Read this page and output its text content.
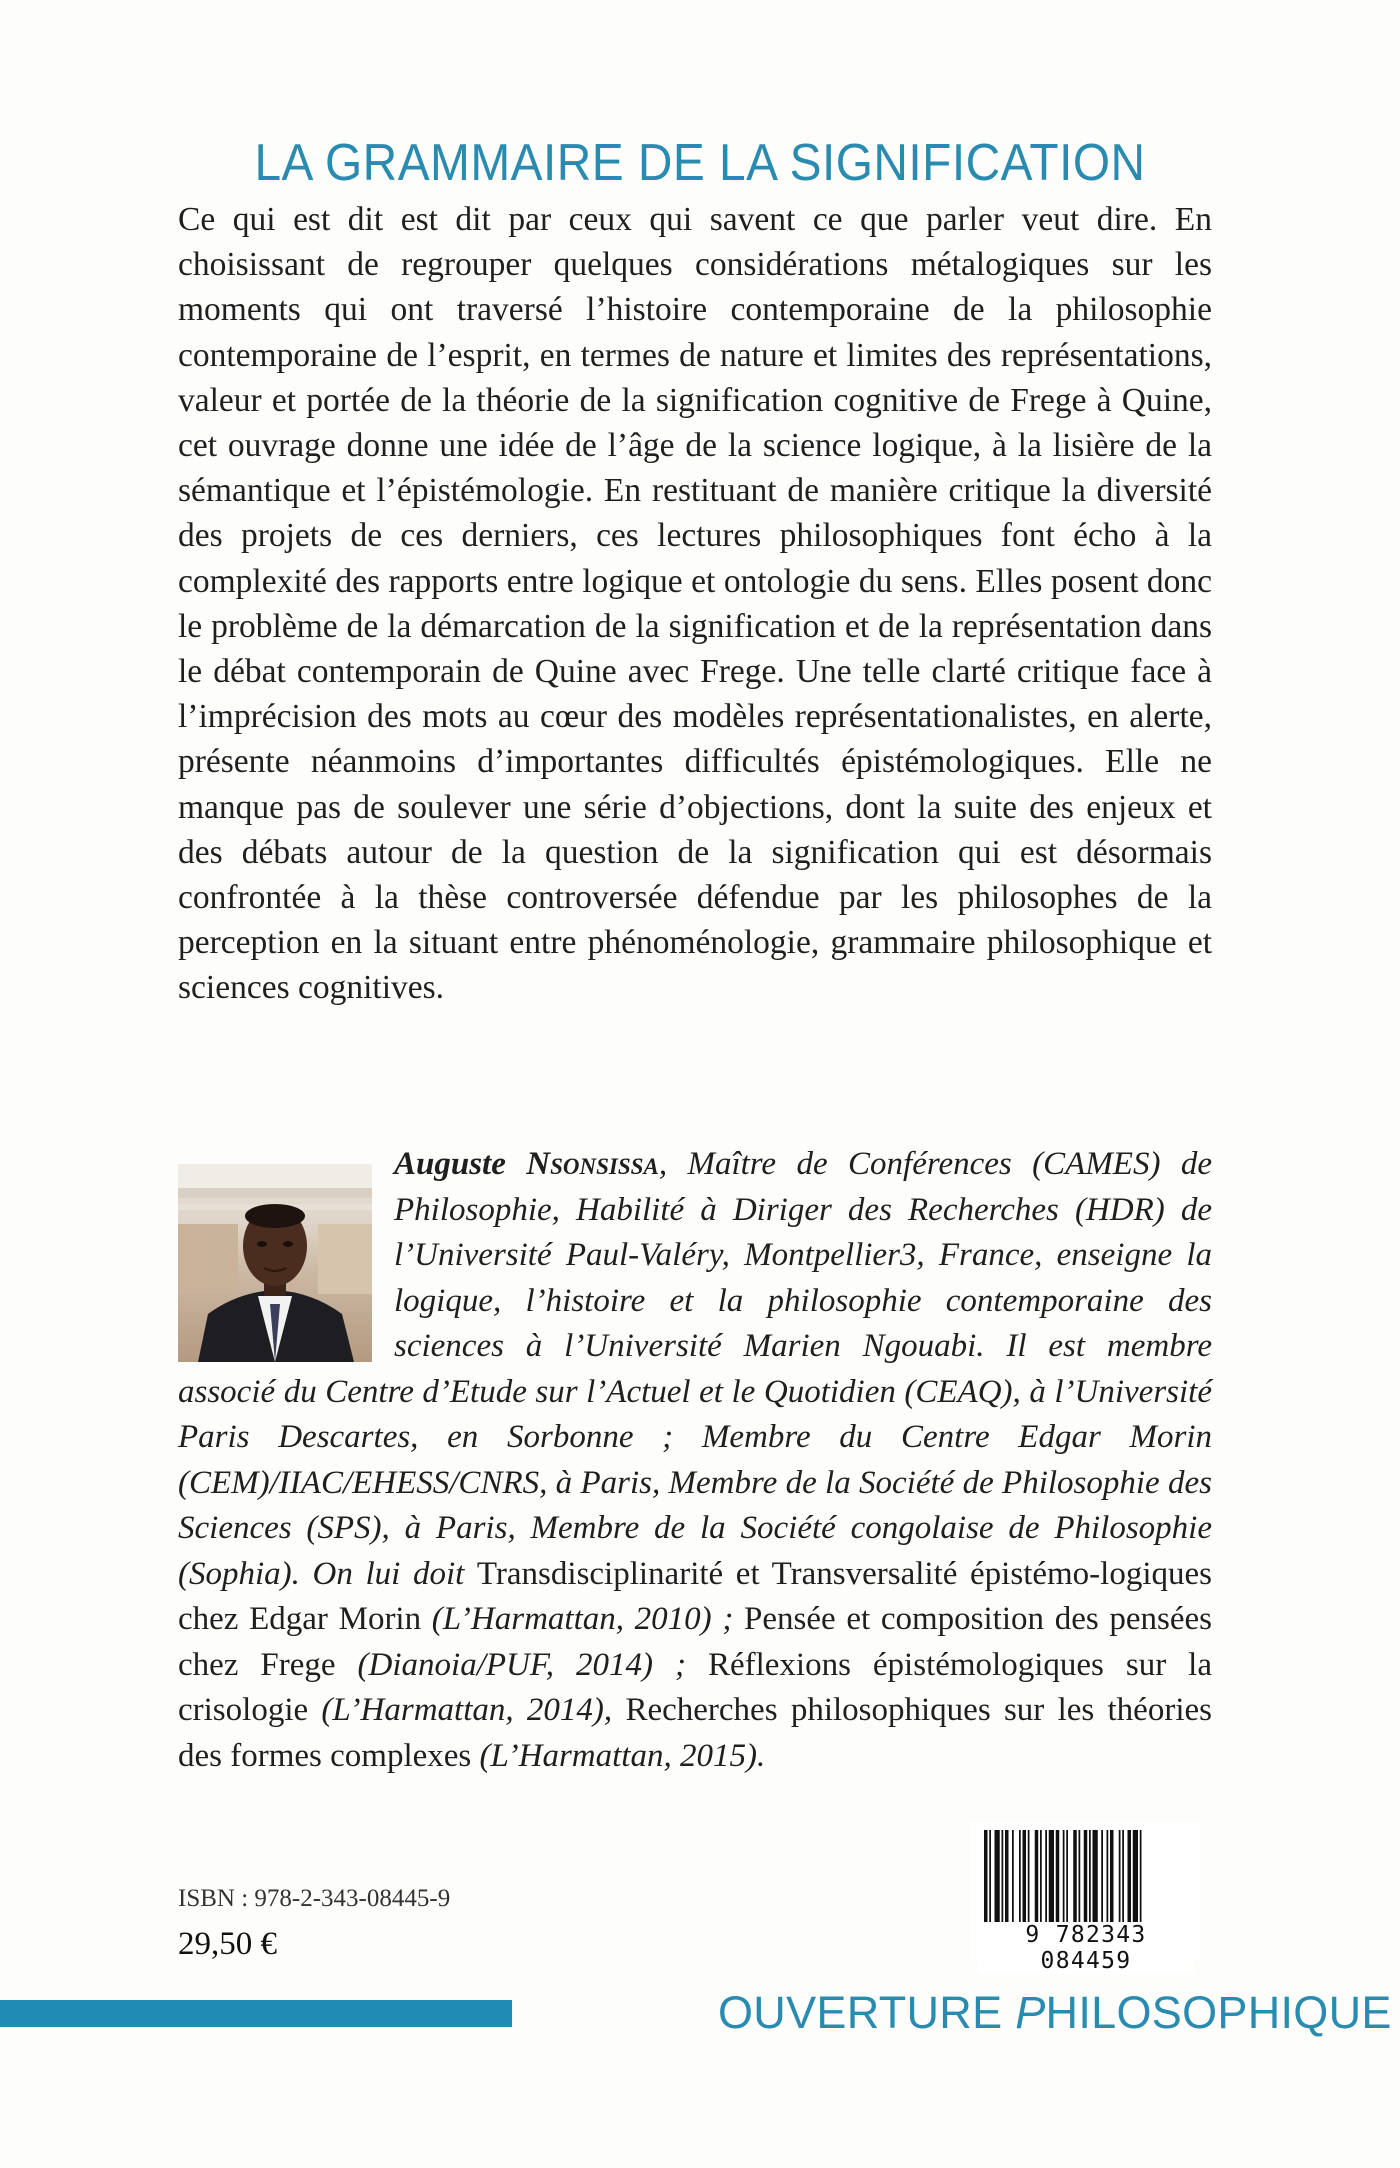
LA GRAMMAIRE DE LA SIGNIFICATION

Ce qui est dit est dit par ceux qui savent ce que parler veut dire. En choisissant de regrouper quelques considérations métalogiques sur les moments qui ont traversé l’histoire contemporaine de la philosophie contemporaine de l’esprit, en termes de nature et limites des représentations, valeur et portée de la théorie de la signification cognitive de Frege à Quine, cet ouvrage donne une idée de l’âge de la science logique, à la lisière de la sémantique et l’épistémologie. En restituant de manière critique la diversité des projets de ces derniers, ces lectures philosophiques font écho à la complexité des rapports entre logique et ontologie du sens. Elles posent donc le problème de la démarcation de la signification et de la représentation dans le débat contemporain de Quine avec Frege. Une telle clarté critique face à l’imprécision des mots au cœur des modèles représentationalistes, en alerte, présente néanmoins d’importantes difficultés épistémologiques. Elle ne manque pas de soulever une série d’objections, dont la suite des enjeux et des débats autour de la question de la signification qui est désormais confrontée à la thèse controversée défendue par les philosophes de la perception en la situant entre phénoménologie, grammaire philosophique et sciences cognitives.

Auguste Nsonsissa, Maître de Conférences (CAMES) de Philosophie, Habilité à Diriger des Recherches (HDR) de l’Université Paul-Valéry, Montpellier3, France, enseigne la logique, l’histoire et la philosophie contemporaine des sciences à l’Université Marien Ngouabi. Il est membre associé du Centre d’Etude sur l’Actuel et le Quotidien (CEAQ), à l’Université Paris Descartes, en Sorbonne ; Membre du Centre Edgar Morin (CEM)/IIAC/EHESS/CNRS, à Paris, Membre de la Société de Philosophie des Sciences (SPS), à Paris, Membre de la Société congolaise de Philosophie (Sophia). On lui doit Transdisciplinarité et Transversalité épistémo-logiques chez Edgar Morin (L’Harmattan, 2010) ; Pensée et composition des pensées chez Frege (Dianoia/PUF, 2014) ; Réflexions épistémologiques sur la crisologie (L’Harmattan, 2014), Recherches philosophiques sur les théories des formes complexes (L’Harmattan, 2015).
ISBN : 978-2-343-08445-9
29,50 €	9 782343 084459
OUVERTURE PHILOSOPHIQUE
